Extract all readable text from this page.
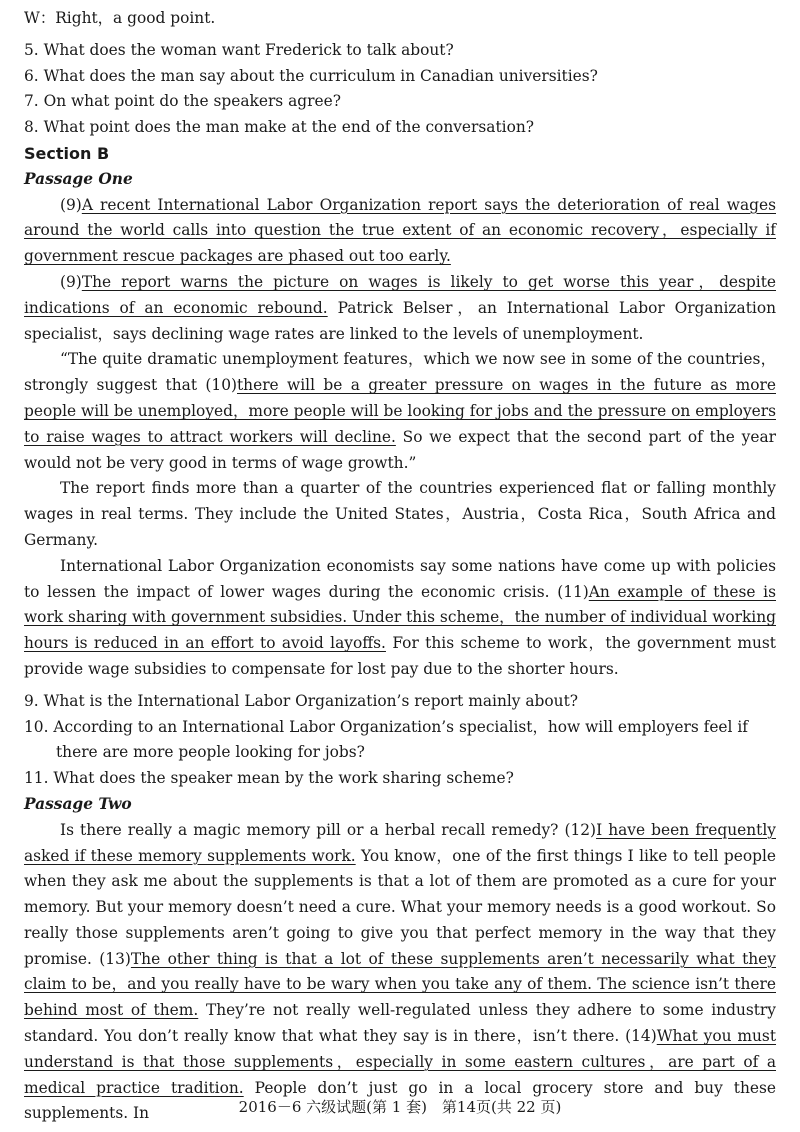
W：Right，a good point.

5. What does the woman want Frederick to talk about?

6. What does the man say about the curriculum in Canadian universities?

7. On what point do the speakers agree?

8. What point does the man make at the end of the conversation?

Section B

Passage One

(9)A recent International Labor Organization report says the deterioration of real wages around the world calls into question the true extent of an economic recovery，especially if government rescue packages are phased out too early.

(9)The report warns the picture on wages is likely to get worse this year，despite indications of an economic rebound. Patrick Belser，an International Labor Organization specialist，says declining wage rates are linked to the levels of unemployment.

“The quite dramatic unemployment features，which we now see in some of the countries，strongly suggest that (10)there will be a greater pressure on wages in the future as more people will be unemployed，more people will be looking for jobs and the pressure on employers to raise wages to attract workers will decline. So we expect that the second part of the year would not be very good in terms of wage growth.”

The report finds more than a quarter of the countries experienced flat or falling monthly wages in real terms. They include the United States，Austria，Costa Rica，South Africa and Germany.

International Labor Organization economists say some nations have come up with policies to lessen the impact of lower wages during the economic crisis. (11)An example of these is work sharing with government subsidies. Under this scheme，the number of individual working hours is reduced in an effort to avoid layoffs. For this scheme to work，the government must provide wage subsidies to compensate for lost pay due to the shorter hours.

9. What is the International Labor Organization’s report mainly about?

10. According to an International Labor Organization’s specialist，how will employers feel if there are more people looking for jobs?

11. What does the speaker mean by the work sharing scheme?

Passage Two

Is there really a magic memory pill or a herbal recall remedy? (12)I have been frequently asked if these memory supplements work. You know，one of the first things I like to tell people when they ask me about the supplements is that a lot of them are promoted as a cure for your memory. But your memory doesn’t need a cure. What your memory needs is a good workout. So really those supplements aren’t going to give you that perfect memory in the way that they promise. (13)The other thing is that a lot of these supplements aren’t necessarily what they claim to be，and you really have to be wary when you take any of them. The science isn’t there behind most of them. They’re not really well-regulated unless they adhere to some industry standard. You don’t really know that what they say is in there，isn’t there. (14)What you must understand is that those supplements，especially in some eastern cultures，are part of a medical practice tradition. People don’t just go in a local grocery store and buy these supplements. In	2016－6 六级试题(第 1 套)　第14页(共 22 页)
